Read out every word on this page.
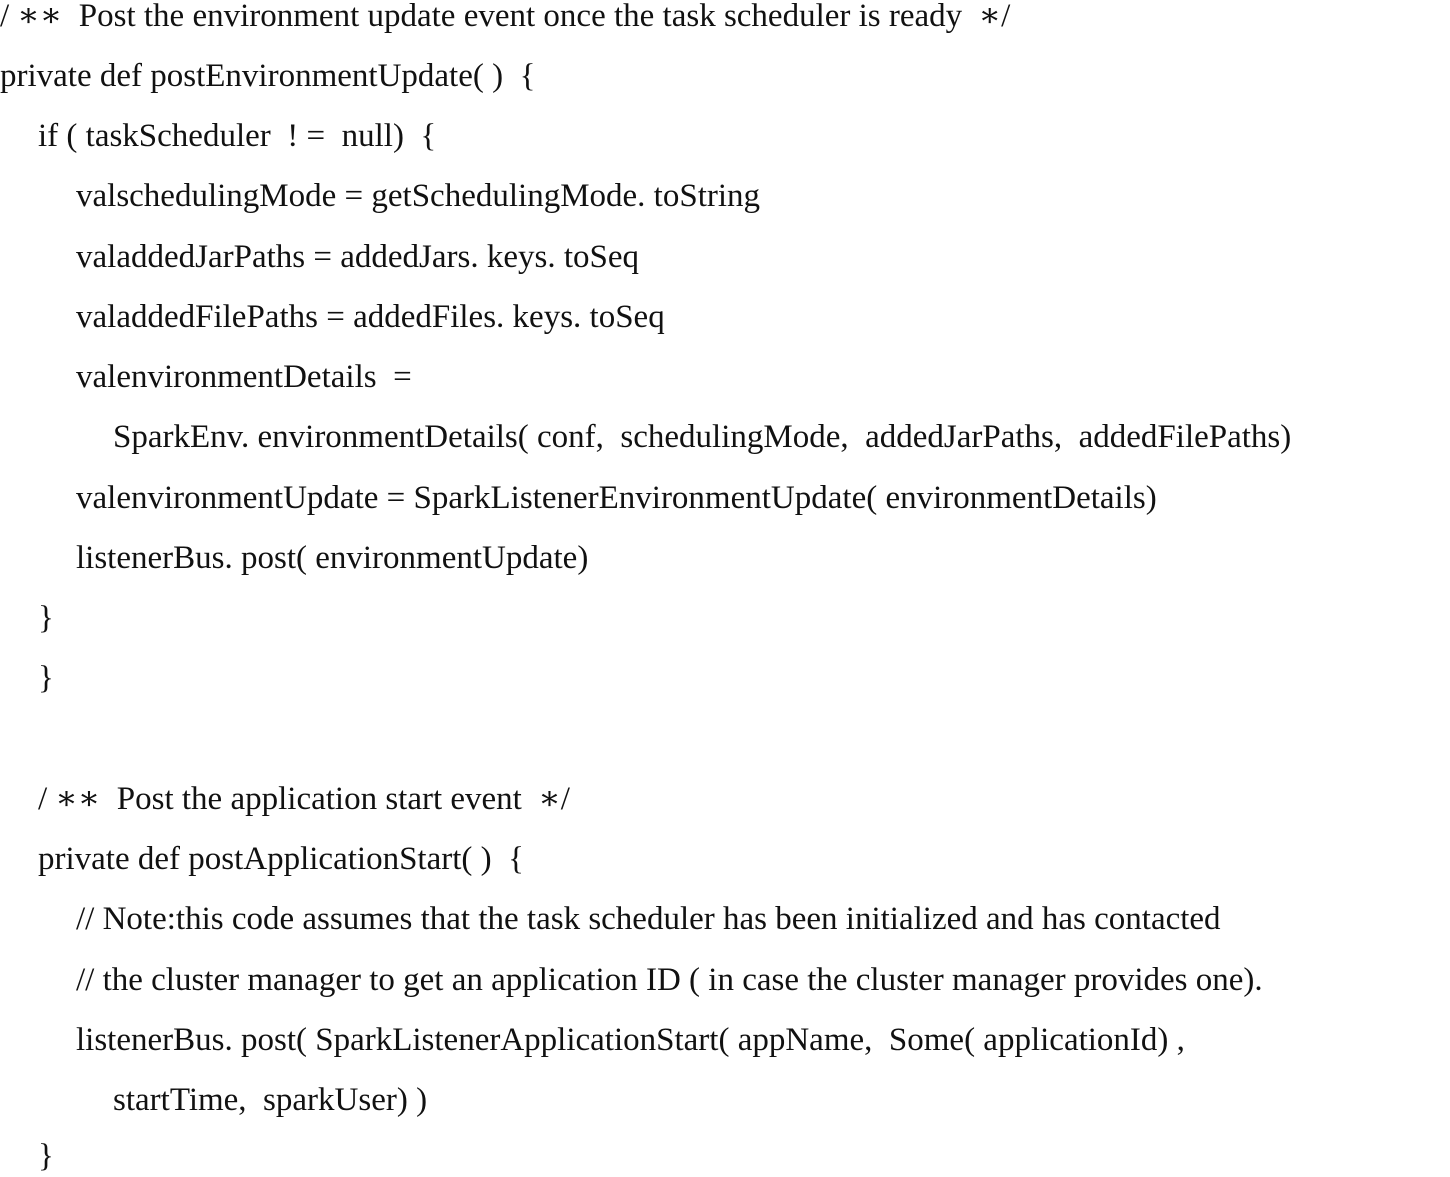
/ ∗∗  Post the environment update event once the task scheduler is ready  ∗/
private def postEnvironmentUpdate( )  {
if ( taskScheduler  ! =  null)  {
valschedulingMode = getSchedulingMode. toString
valaddedJarPaths = addedJars. keys. toSeq
valaddedFilePaths = addedFiles. keys. toSeq
valenvironmentDetails  =
SparkEnv. environmentDetails( conf,  schedulingMode,  addedJarPaths,  addedFilePaths)
valenvironmentUpdate = SparkListenerEnvironmentUpdate( environmentDetails)
listenerBus. post( environmentUpdate)
}
}
/ ∗∗  Post the application start event  ∗/
private def postApplicationStart( )  {
// Note:this code assumes that the task scheduler has been initialized and has contacted
// the cluster manager to get an application ID ( in case the cluster manager provides one).
listenerBus. post( SparkListenerApplicationStart( appName,  Some( applicationId) ,
startTime,  sparkUser) )
}
